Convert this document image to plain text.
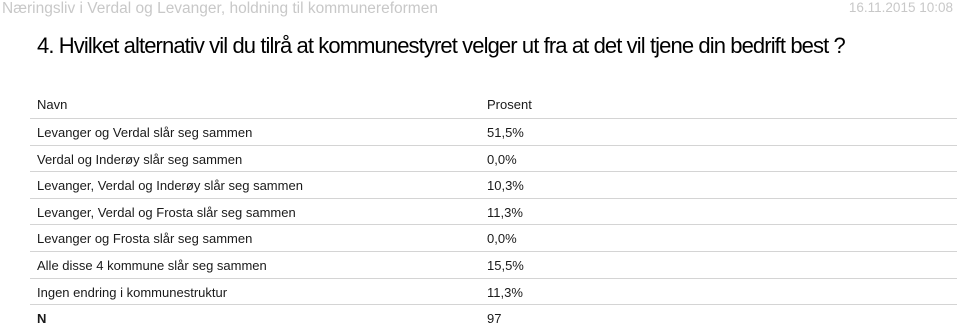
Næringsliv i Verdal og Levanger, holdning til kommunereformen	16.11.2015 10:08
4. Hvilket alternativ vil du tilrå at kommunestyret velger ut fra at det vil tjene din bedrift best ?
Navn	Prosent
Levanger og Verdal slår seg sammen	51,5%
Verdal og Inderøy slår seg sammen	0,0%
Levanger, Verdal og Inderøy slår seg sammen	10,3%
Levanger, Verdal og Frosta slår seg sammen	11,3%
Levanger og Frosta slår seg sammen	0,0%
Alle disse 4 kommune slår seg sammen	15,5%
Ingen endring i kommunestruktur	11,3%
N	97
